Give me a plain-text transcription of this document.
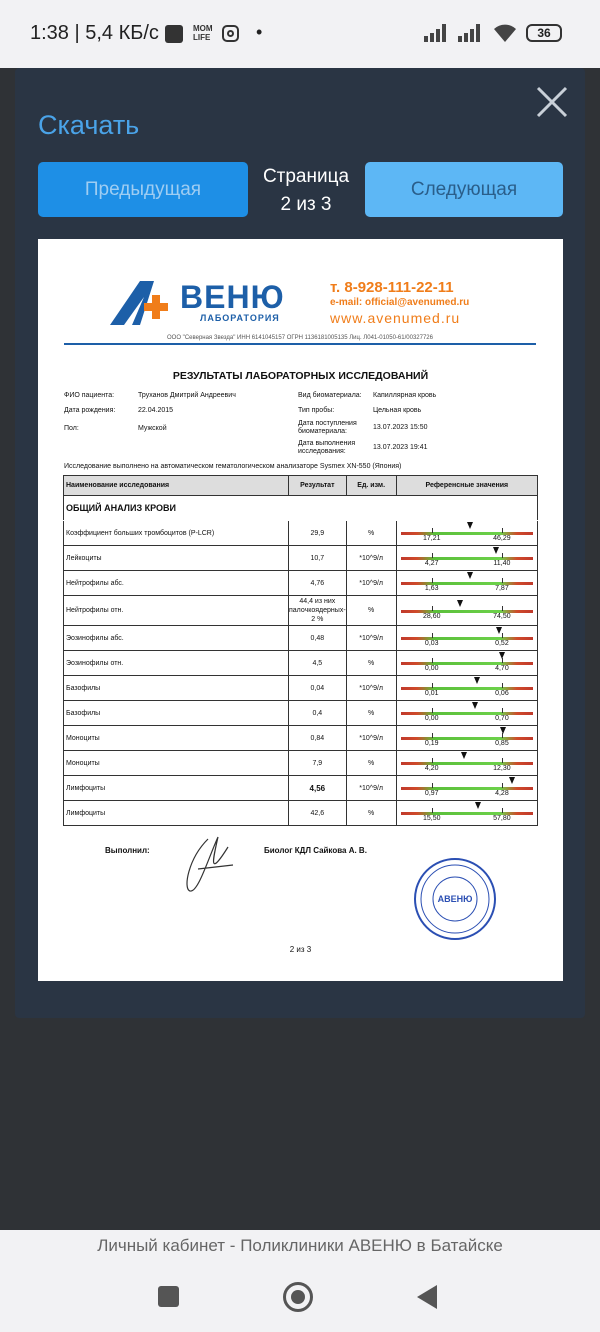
1:38 | 5,4 КБ/с	MOM LIFE	•	36
Скачать
Предыдущая
Страница
2 из 3
Следующая
ВЕНЮ
ЛАБОРАТОРИЯ
т. 8-928-111-22-11
e-mail: official@avenumed.ru
www.avenumed.ru
ООО "Северная Звезда" ИНН 6141045157 ОГРН 1136181005135 Лиц. Л041-01050-61/00327726
РЕЗУЛЬТАТЫ ЛАБОРАТОРНЫХ ИССЛЕДОВАНИЙ
ФИО пациента:	Труханов Дмитрий Андреевич
Дата рождения:	22.04.2015
Пол:	Мужской
Вид биоматериала: Капиллярная кровь
Тип пробы:	Цельная кровь
Дата поступления биоматериала:
13.07.2023 15:50
Дата выполнения исследования:
13.07.2023 19:41
Исследование выполнено на автоматическом гематологическом анализаторе Sysmex XN-550 (Япония)
Наименование исследования	Результат	Ед. изм.	Референсные значения
ОБЩИЙ АНАЛИЗ КРОВИ			
Коэффициент больших тромбоцитов (P-LCR)	29,9	%	17,21 46,29

Лейкоциты	10,7	*10^9/л	4,27 11,40

Нейтрофилы абс.	4,76	*10^9/л	1,63 7,87

Нейтрофилы отн.	44,4 из них палочкоядерных- 2 %	%	28,60 74,50

Эозинофилы абс.	0,48	*10^9/л	0,03 0,52

Эозинофилы отн.	4,5	%	0,00 4,70

Базофилы	0,04	*10^9/л	0,01 0,06

Базофилы	0,4	%	0,00 0,70

Моноциты	0,84	*10^9/л	0,19 0,85

Моноциты	7,9	%	4,20 12,30

Лимфоциты	4,56	*10^9/л	0,97 4,28

Лимфоциты	42,6	%	15,50 57,80
Выполнил:	Биолог КДЛ Сайкова А. В.
АВЕНЮ
2 из 3
Личный кабинет - Поликлиники АВЕНЮ в Батайске
